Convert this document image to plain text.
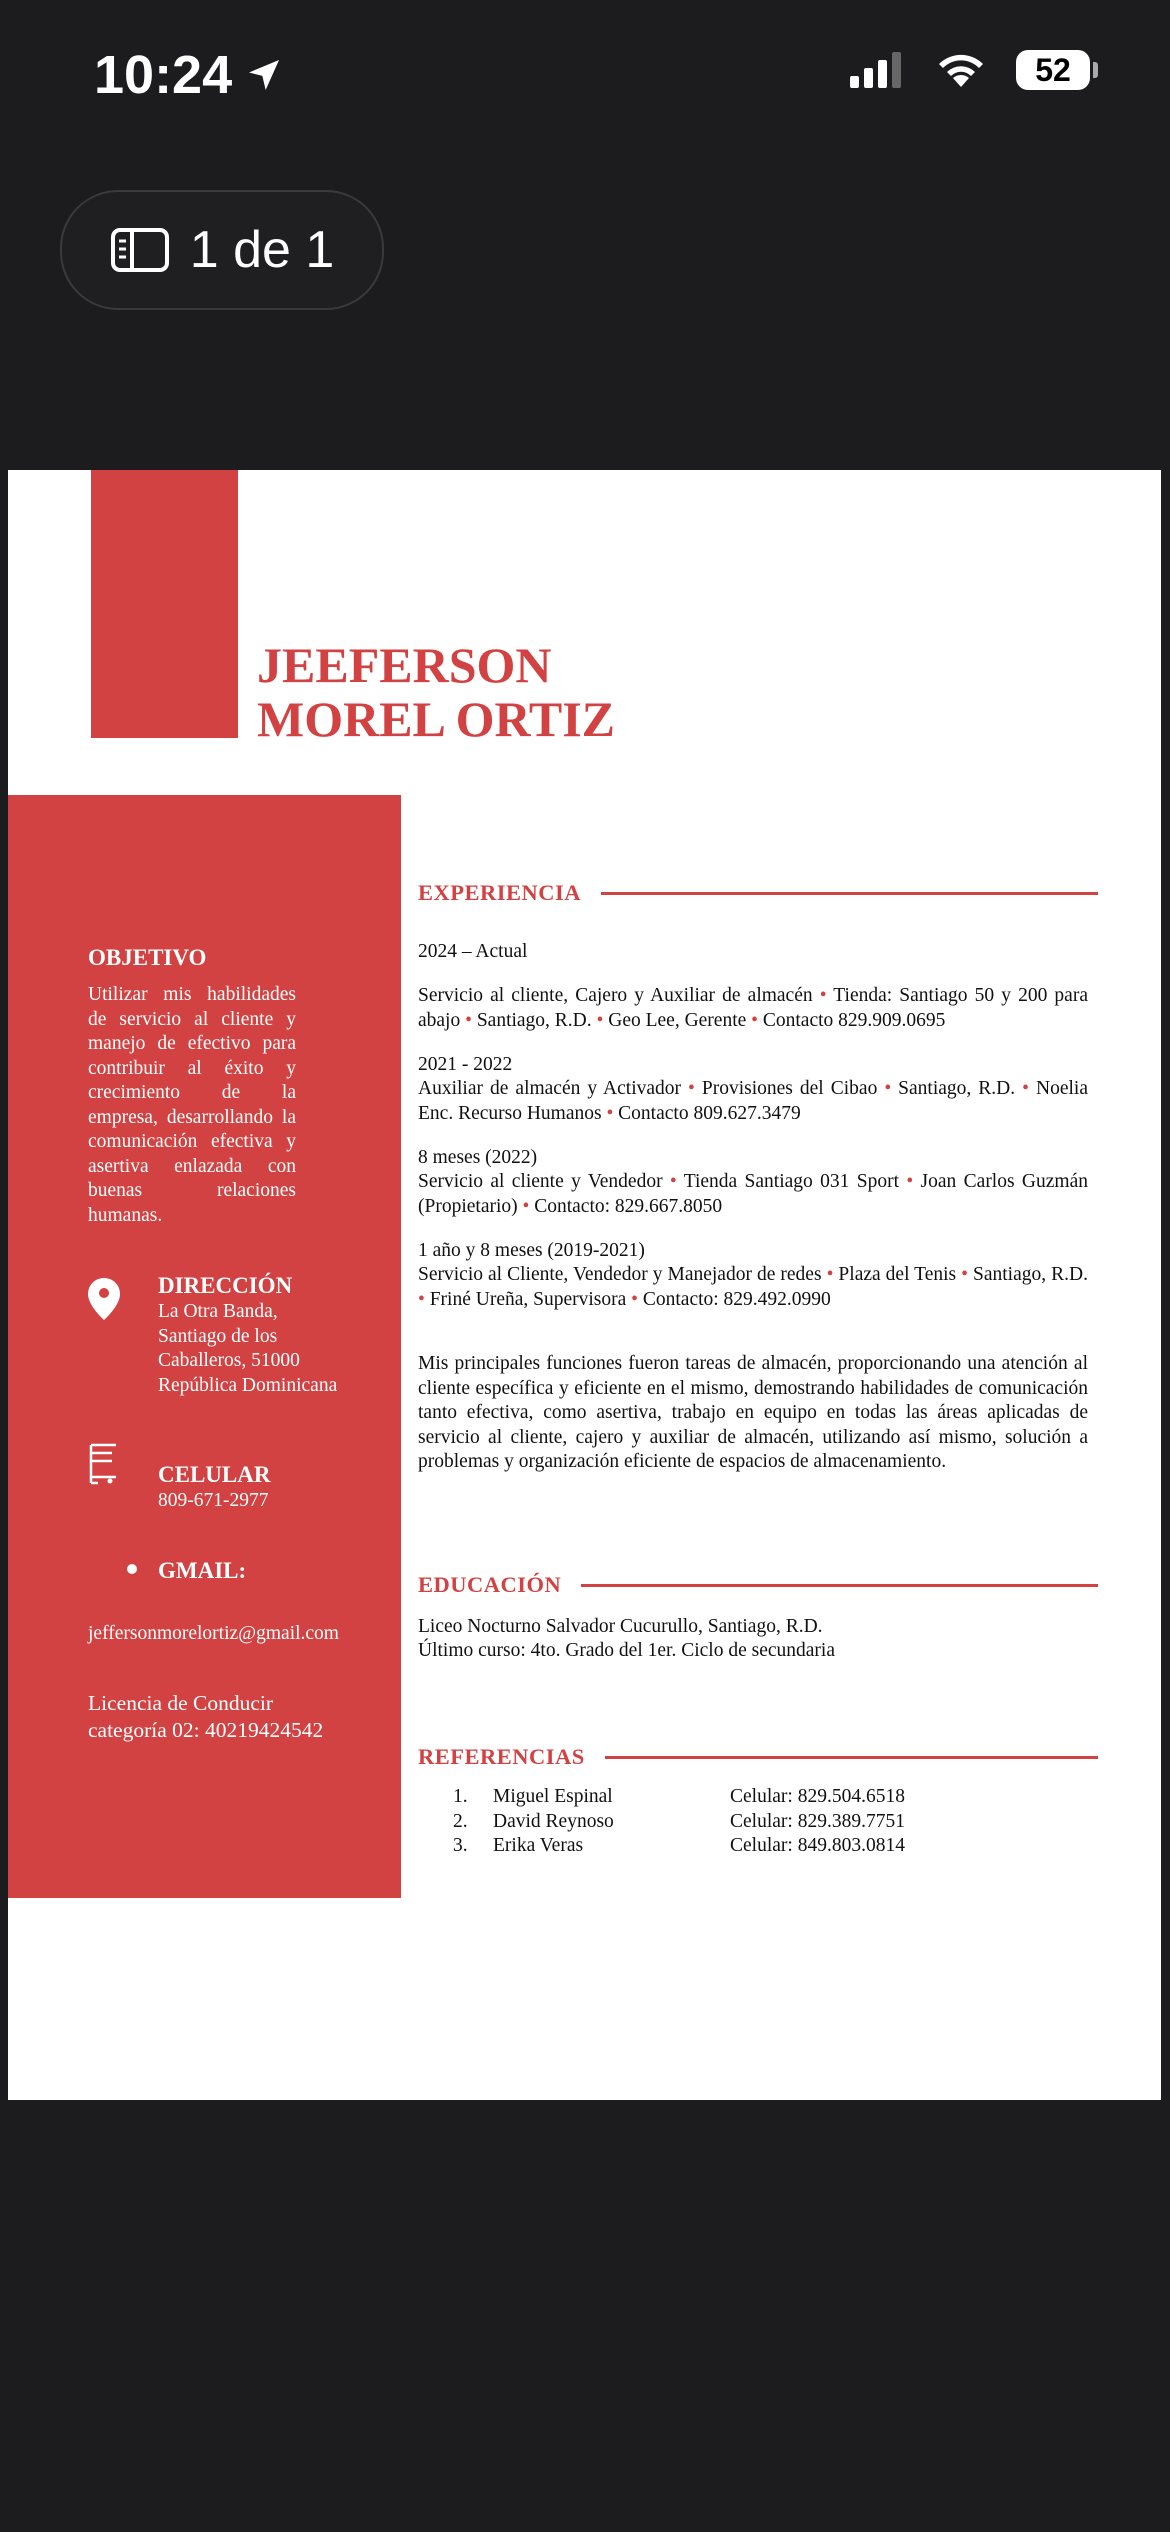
10:24	52
1 de 1
JEEFERSON
MOREL ORTIZ
OBJETIVO
Utilizar mis habilidades de servicio al cliente y manejo de efectivo para contribuir al éxito y crecimiento de la empresa, desarrollando la comunicación efectiva y asertiva enlazada con buenas relaciones humanas.
DIRECCIÓN
La Otra Banda,
Santiago de los
Caballeros, 51000
República Dominicana
CELULAR
809-671-2977
GMAIL:
jeffersonmorelortiz@gmail.com
Licencia de Conducir
categoría 02: 40219424542
EXPERIENCIA
2024 – Actual
Servicio al cliente, Cajero y Auxiliar de almacén • Tienda: Santiago 50 y 200 para abajo • Santiago, R.D. • Geo Lee, Gerente • Contacto 829.909.0695
2021 - 2022
Auxiliar de almacén y Activador • Provisiones del Cibao • Santiago, R.D. • Noelia Enc. Recurso Humanos • Contacto 809.627.3479
8 meses (2022)
Servicio al cliente y Vendedor • Tienda Santiago 031 Sport • Joan Carlos Guzmán (Propietario) • Contacto: 829.667.8050
1 año y 8 meses (2019-2021)
Servicio al Cliente, Vendedor y Manejador de redes • Plaza del Tenis • Santiago, R.D. • Friné Ureña, Supervisora • Contacto: 829.492.0990
Mis principales funciones fueron tareas de almacén, proporcionando una atención al cliente específica y eficiente en el mismo, demostrando habilidades de comunicación tanto efectiva, como asertiva, trabajo en equipo en todas las áreas aplicadas de servicio al cliente, cajero y auxiliar de almacén, utilizando así mismo, solución a problemas y organización eficiente de espacios de almacenamiento.
EDUCACIÓN
Liceo Nocturno Salvador Cucurullo, Santiago, R.D.
Último curso: 4to. Grado del 1er. Ciclo de secundaria
REFERENCIAS
1.	Miguel Espinal	Celular: 829.504.6518
2.	David Reynoso	Celular: 829.389.7751
3.	Erika Veras	Celular: 849.803.0814
